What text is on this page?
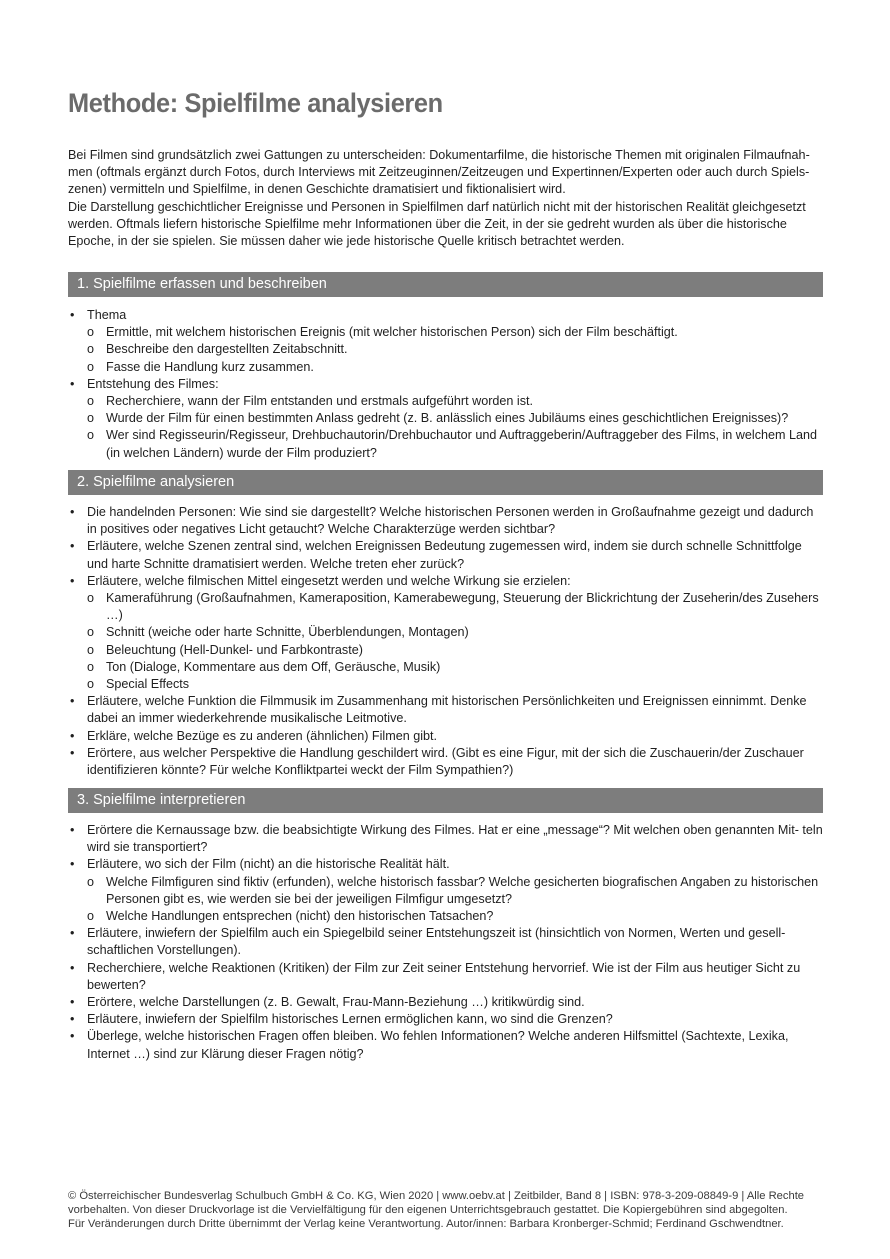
Methode: Spielfilme analysieren

Bei Filmen sind grundsätzlich zwei Gattungen zu unterscheiden: Dokumentarfilme, die historische Themen mit originalen Filmaufnah- men (oftmals ergänzt durch Fotos, durch Interviews mit Zeitzeuginnen/Zeitzeugen und Expertinnen/Experten oder auch durch Spiels- zenen) vermitteln und Spielfilme, in denen Geschichte dramatisiert und fiktionalisiert wird.

Die Darstellung geschichtlicher Ereignisse und Personen in Spielfilmen darf natürlich nicht mit der historischen Realität gleichgesetzt werden. Oftmals liefern historische Spielfilme mehr Informationen über die Zeit, in der sie gedreht wurden als über die historische Epoche, in der sie spielen. Sie müssen daher wie jede historische Quelle kritisch betrachtet werden.

1. Spielfilme erfassen und beschreiben
• Thema
o Ermittle, mit welchem historischen Ereignis (mit welcher historischen Person) sich der Film beschäftigt.
o Beschreibe den dargestellten Zeitabschnitt.
o Fasse die Handlung kurz zusammen.
• Entstehung des Filmes:
o Recherchiere, wann der Film entstanden und erstmals aufgeführt worden ist.
o Wurde der Film für einen bestimmten Anlass gedreht (z. B. anlässlich eines Jubiläums eines geschichtlichen Ereignisses)?
o Wer sind Regisseurin/Regisseur, Drehbuchautorin/Drehbuchautor und Auftraggeberin/Auftraggeber des Films, in welchem Land (in welchen Ländern) wurde der Film produziert?
2. Spielfilme analysieren
• Die handelnden Personen: Wie sind sie dargestellt? Welche historischen Personen werden in Großaufnahme gezeigt und dadurch in positives oder negatives Licht getaucht? Welche Charakterzüge werden sichtbar?
• Erläutere, welche Szenen zentral sind, welchen Ereignissen Bedeutung zugemessen wird, indem sie durch schnelle Schnittfolge und harte Schnitte dramatisiert werden. Welche treten eher zurück?
• Erläutere, welche filmischen Mittel eingesetzt werden und welche Wirkung sie erzielen:
o Kameraführung (Großaufnahmen, Kameraposition, Kamerabewegung, Steuerung der Blickrichtung der Zuseherin/des Zusehers …)
o Schnitt (weiche oder harte Schnitte, Überblendungen, Montagen)
o Beleuchtung (Hell-Dunkel- und Farbkontraste)
o Ton (Dialoge, Kommentare aus dem Off, Geräusche, Musik)
o Special Effects
• Erläutere, welche Funktion die Filmmusik im Zusammenhang mit historischen Persönlichkeiten und Ereignissen einnimmt. Denke dabei an immer wiederkehrende musikalische Leitmotive.
• Erkläre, welche Bezüge es zu anderen (ähnlichen) Filmen gibt.
• Erörtere, aus welcher Perspektive die Handlung geschildert wird. (Gibt es eine Figur, mit der sich die Zuschauerin/der Zuschauer identifizieren könnte? Für welche Konfliktpartei weckt der Film Sympathien?)
3. Spielfilme interpretieren
• Erörtere die Kernaussage bzw. die beabsichtigte Wirkung des Filmes. Hat er eine „message“? Mit welchen oben genannten Mit- teln wird sie transportiert?
• Erläutere, wo sich der Film (nicht) an die historische Realität hält.
o Welche Filmfiguren sind fiktiv (erfunden), welche historisch fassbar? Welche gesicherten biografischen Angaben zu historischen Personen gibt es, wie werden sie bei der jeweiligen Filmfigur umgesetzt?
o Welche Handlungen entsprechen (nicht) den historischen Tatsachen?
• Erläutere, inwiefern der Spielfilm auch ein Spiegelbild seiner Entstehungszeit ist (hinsichtlich von Normen, Werten und gesell- schaftlichen Vorstellungen).
• Recherchiere, welche Reaktionen (Kritiken) der Film zur Zeit seiner Entstehung hervorrief. Wie ist der Film aus heutiger Sicht zu bewerten?
• Erörtere, welche Darstellungen (z. B. Gewalt, Frau-Mann-Beziehung …) kritikwürdig sind.
• Erläutere, inwiefern der Spielfilm historisches Lernen ermöglichen kann, wo sind die Grenzen?
• Überlege, welche historischen Fragen offen bleiben. Wo fehlen Informationen? Welche anderen Hilfsmittel (Sachtexte, Lexika, Internet …) sind zur Klärung dieser Fragen nötig?

© Österreichischer Bundesverlag Schulbuch GmbH & Co. KG, Wien 2020 | www.oebv.at | Zeitbilder, Band 8 | ISBN: 978-3-209-08849-9 | Alle Rechte

vorbehalten. Von dieser Druckvorlage ist die Vervielfältigung für den eigenen Unterrichtsgebrauch gestattet. Die Kopiergebühren sind abgegolten.

Für Veränderungen durch Dritte übernimmt der Verlag keine Verantwortung. Autor/innen: Barbara Kronberger-Schmid; Ferdinand Gschwendtner.
